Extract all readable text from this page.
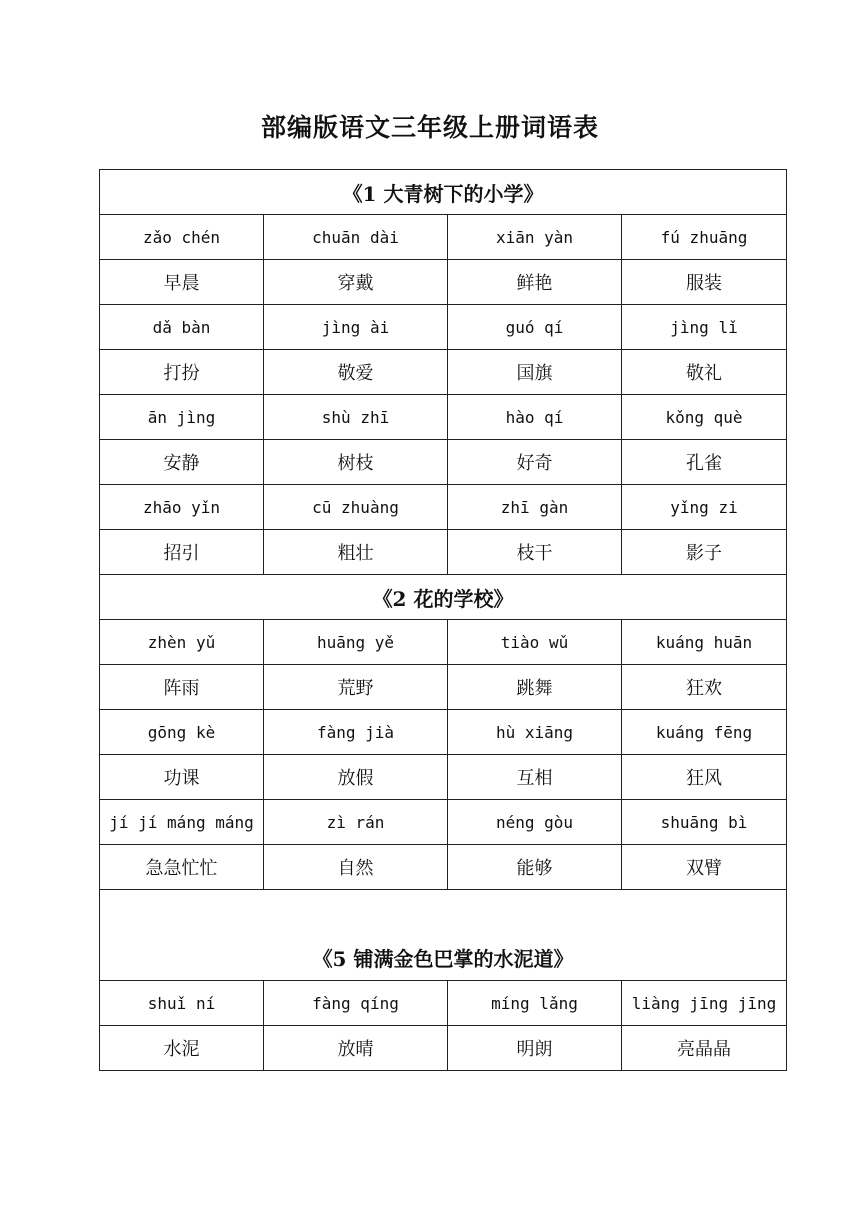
部编版语文三年级上册词语表
《1 大青树下的小学》			
zǎo chén	chuān dài	xiān yàn	fú zhuāng
早晨	穿戴	鲜艳	服装
dǎ bàn	jìng ài	guó qí	jìng lǐ
打扮	敬爱	国旗	敬礼
ān jìng	shù zhī	hào qí	kǒng què
安静	树枝	好奇	孔雀
zhāo yǐn	cū zhuàng	zhī gàn	yǐng zi
招引	粗壮	枝干	影子
《2 花的学校》			
zhèn yǔ	huāng yě	tiào wǔ	kuáng huān
阵雨	荒野	跳舞	狂欢
gōng kè	fàng jià	hù xiāng	kuáng fēng
功课	放假	互相	狂风
jí jí máng máng	zì rán	néng gòu	shuāng bì
急急忙忙	自然	能够	双臂
《5 铺满金色巴掌的水泥道》			
shuǐ ní	fàng qíng	míng lǎng	liàng jīng jīng
水泥	放晴	明朗	亮晶晶
